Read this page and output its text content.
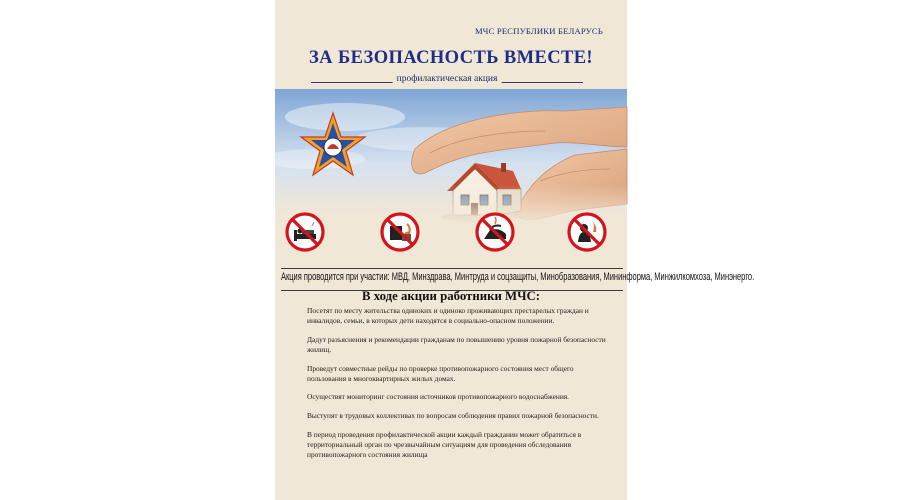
МЧС РЕСПУБЛИКИ БЕЛАРУСЬ
ЗА БЕЗОПАСНОСТЬ ВМЕСТЕ!
профилактическая акция
Акция проводится при участии: МВД, Минздрава, Минтруда и соцзащиты, Минобразования, Мининформа, Минжилкомхоза, Минэнерго.
В ходе акции работники МЧС:
Посетят по месту жительства одиноких и одиноко проживающих престарелых граждан и инвалидов, семьи, в которых дети находятся в социально-опасном положении.
Дадут разъяснения и рекомендации гражданам по повышению уровня пожарной безопасности жилищ.
Проведут совместные рейды по проверке противопожарного состояния мест общего пользования в многоквартирных жилых домах.
Осуществят мониторинг состояния источников противопожарного водоснабжения.
Выступят в трудовых коллективах по вопросам соблюдения правил пожарной безопасности.
В период проведения профилактической акции каждый гражданин может обратиться в территориальный орган по чрезвычайным ситуациям для проведения обследования противопожарного состояния жилища
